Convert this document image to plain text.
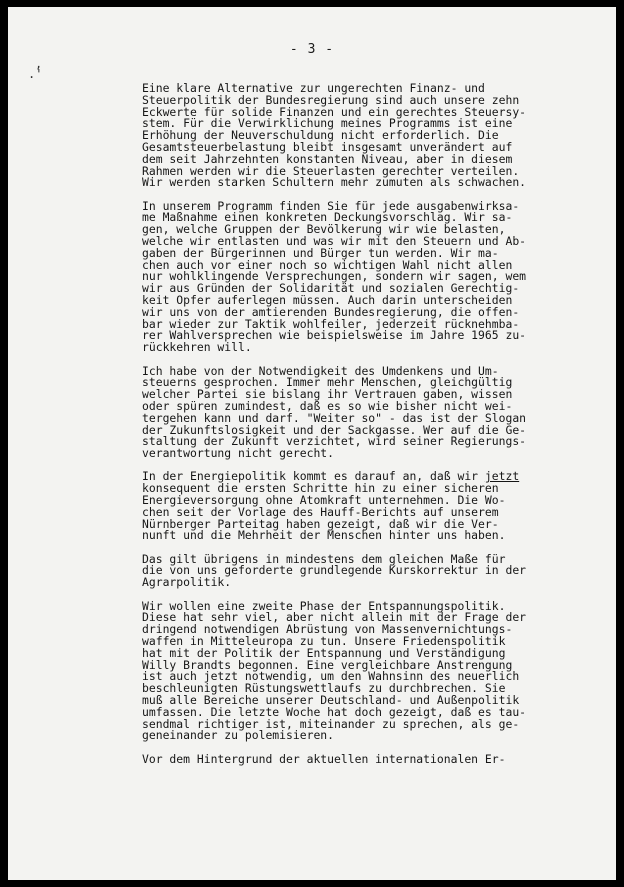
- 3 -
,
.'
Eine klare Alternative zur ungerechten Finanz- und
Steuerpolitik der Bundesregierung sind auch unsere zehn
Eckwerte für solide Finanzen und ein gerechtes Steuersy-
stem. Für die Verwirklichung meines Programms ist eine
Erhöhung der Neuverschuldung nicht erforderlich. Die
Gesamtsteuerbelastung bleibt insgesamt unverändert auf
dem seit Jahrzehnten konstanten Niveau, aber in diesem
Rahmen werden wir die Steuerlasten gerechter verteilen.
Wir werden starken Schultern mehr zumuten als schwachen.
In unserem Programm finden Sie für jede ausgabenwirksa-
me Maßnahme einen konkreten Deckungsvorschlag. Wir sa-
gen, welche Gruppen der Bevölkerung wir wie belasten,
welche wir entlasten und was wir mit den Steuern und Ab-
gaben der Bürgerinnen und Bürger tun werden. Wir ma-
chen auch vor einer noch so wichtigen Wahl nicht allen
nur wohlklingende Versprechungen, sondern wir sagen, wem
wir aus Gründen der Solidarität und sozialen Gerechtig-
keit Opfer auferlegen müssen. Auch darin unterscheiden
wir uns von der amtierenden Bundesregierung, die offen-
bar wieder zur Taktik wohlfeiler, jederzeit rücknehmba-
rer Wahlversprechen wie beispielsweise im Jahre 1965 zu-
rückkehren will.
Ich habe von der Notwendigkeit des Umdenkens und Um-
steuerns gesprochen. Immer mehr Menschen, gleichgültig
welcher Partei sie bislang ihr Vertrauen gaben, wissen
oder spüren zumindest, daß es so wie bisher nicht wei-
tergehen kann und darf. "Weiter so" - das ist der Slogan
der Zukunftslosigkeit und der Sackgasse. Wer auf die Ge-
staltung der Zukunft verzichtet, wird seiner Regierungs-
verantwortung nicht gerecht.
In der Energiepolitik kommt es darauf an, daß wir jetzt
konsequent die ersten Schritte hin zu einer sicheren
Energieversorgung ohne Atomkraft unternehmen. Die Wo-
chen seit der Vorlage des Hauff-Berichts auf unserem
Nürnberger Parteitag haben gezeigt, daß wir die Ver-
nunft und die Mehrheit der Menschen hinter uns haben.
Das gilt übrigens in mindestens dem gleichen Maße für
die von uns geforderte grundlegende Kurskorrektur in der
Agrarpolitik.
Wir wollen eine zweite Phase der Entspannungspolitik.
Diese hat sehr viel, aber nicht allein mit der Frage der
dringend notwendigen Abrüstung von Massenvernichtungs-
waffen in Mitteleuropa zu tun. Unsere Friedenspolitik
hat mit der Politik der Entspannung und Verständigung
Willy Brandts begonnen. Eine vergleichbare Anstrengung
ist auch jetzt notwendig, um den Wahnsinn des neuerlich
beschleunigten Rüstungswettlaufs zu durchbrechen. Sie
muß alle Bereiche unserer Deutschland- und Außenpolitik
umfassen. Die letzte Woche hat doch gezeigt, daß es tau-
sendmal richtiger ist, miteinander zu sprechen, als ge-
geneinander zu polemisieren.
Vor dem Hintergrund der aktuellen internationalen Er-
